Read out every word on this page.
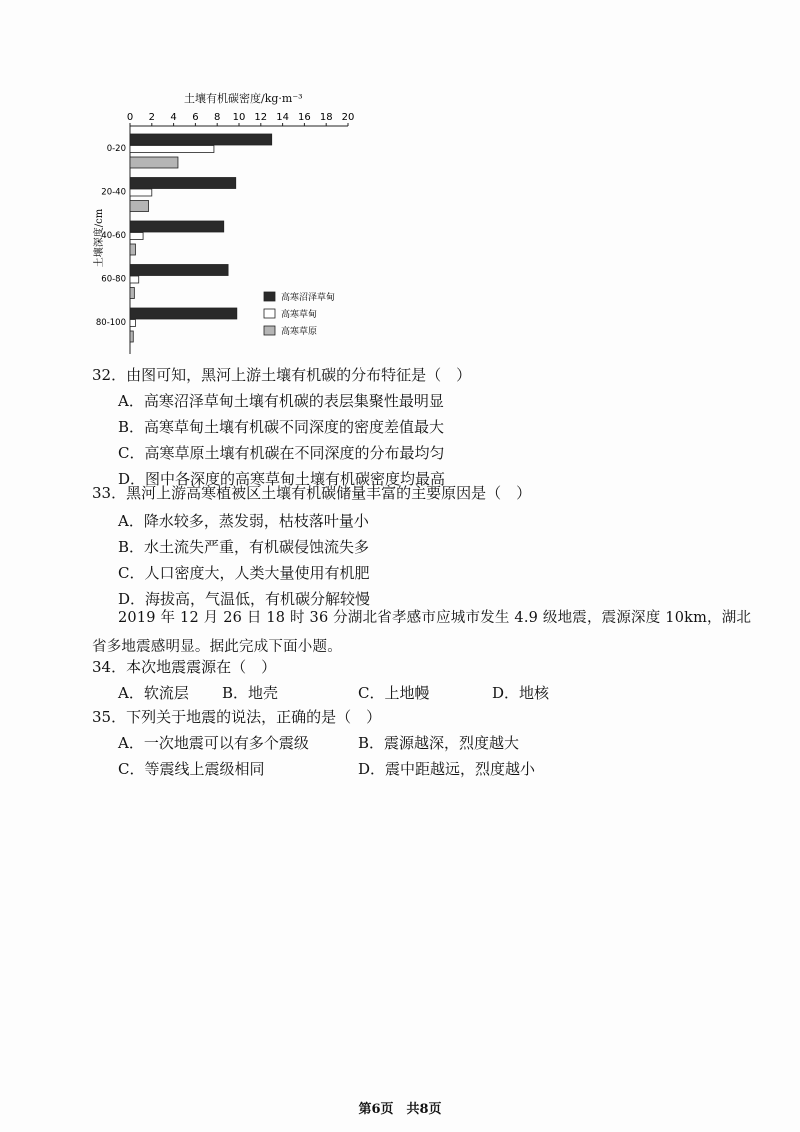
土壤有机碳密度/kg·m⁻³
0 2 4 6 8 10 12 14 16 18 20
土壤深度/cm
0-20
20-40
40-60
60-80
80-100
高寒沼泽草甸
高寒草甸
高寒草原
32．由图可知，黑河上游土壤有机碳的分布特征是（　）
A．高寒沼泽草甸土壤有机碳的表层集聚性最明显
B．高寒草甸土壤有机碳不同深度的密度差值最大
C．高寒草原土壤有机碳在不同深度的分布最均匀
D．图中各深度的高寒草甸土壤有机碳密度均最高
33．黑河上游高寒植被区土壤有机碳储量丰富的主要原因是（　）
A．降水较多，蒸发弱，枯枝落叶量小
B．水土流失严重，有机碳侵蚀流失多
C．人口密度大，人类大量使用有机肥
D．海拔高，气温低，有机碳分解较慢
2019 年 12 月 26 日 18 时 36 分湖北省孝感市应城市发生 4.9 级地震，震源深度 10km，湖北省多地震感明显。据此完成下面小题。
34．本次地震震源在（　）
A．软流层 B．地壳	C．上地幔	D．地核
35．下列关于地震的说法，正确的是（　）
A．一次地震可以有多个震级	B．震源越深，烈度越大
C．等震线上震级相同	D．震中距越远，烈度越小
第6页　共8页
